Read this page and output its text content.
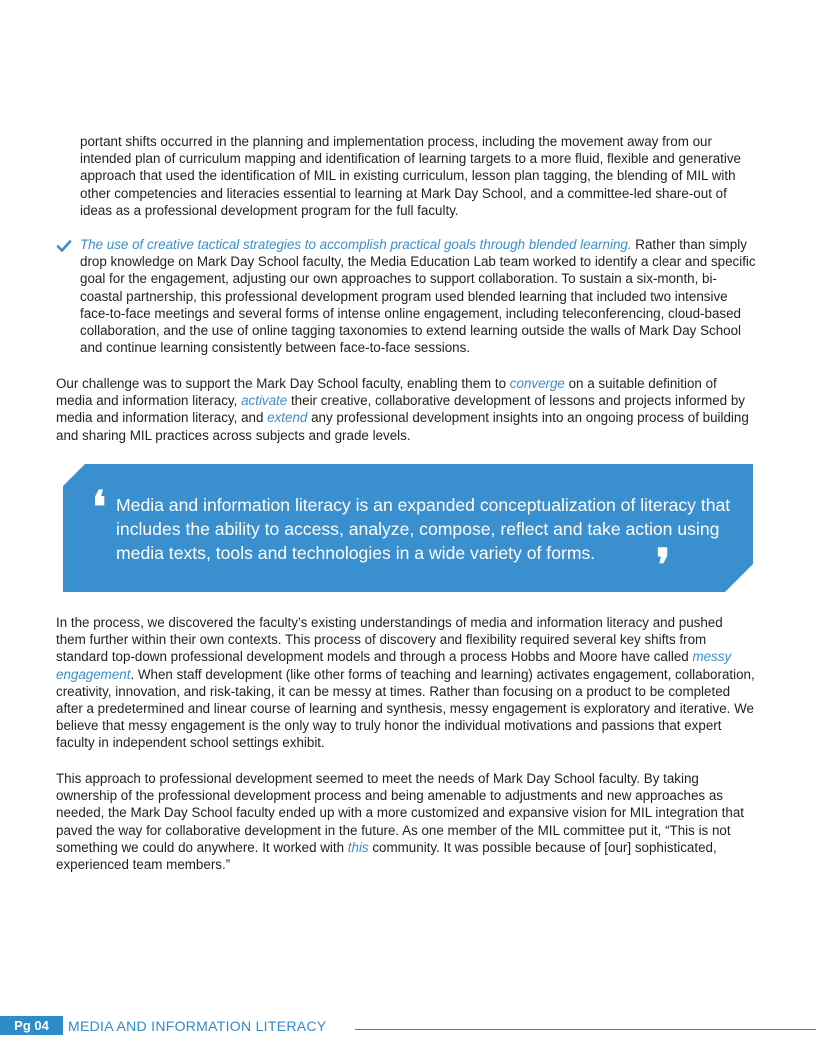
portant shifts occurred in the planning and implementation process, including the movement away from our intended plan of curriculum mapping and identification of learning targets to a more fluid, flexible and generative approach that used the identification of MIL in existing curriculum, lesson plan tagging, the blending of MIL with other competencies and literacies essential to learning at Mark Day School, and a committee-led share-out of ideas as a professional development program for the full faculty.

The use of creative tactical strategies to accomplish practical goals through blended learning. Rather than simply drop knowledge on Mark Day School faculty, the Media Education Lab team worked to identify a clear and specific goal for the engagement, adjusting our own approaches to support collaboration. To sustain a six-month, bi-coastal partnership, this professional development program used blended learning that included two intensive face-to-face meetings and several forms of intense online engagement, including teleconferencing, cloud-based collaboration, and the use of online tagging taxonomies to extend learning outside the walls of Mark Day School and continue learning consistently between face-to-face sessions.

Our challenge was to support the Mark Day School faculty, enabling them to converge on a suitable definition of media and information literacy, activate their creative, collaborative development of lessons and projects informed by media and information literacy, and extend any professional development insights into an ongoing process of building and sharing MIL practices across subjects and grade levels.

❛ Media and information literacy is an expanded conceptualization of literacy that includes the ability to access, analyze, compose, reflect and take action using media texts, tools and technologies in a wide variety of forms.	❜

In the process, we discovered the faculty’s existing understandings of media and information literacy and pushed them further within their own contexts. This process of discovery and flexibility required several key shifts from standard top-down professional development models and through a process Hobbs and Moore have called messy engagement. When staff development (like other forms of teaching and learning) activates engagement, collaboration, creativity, innovation, and risk-taking, it can be messy at times. Rather than focusing on a product to be completed after a predetermined and linear course of learning and synthesis, messy engagement is exploratory and iterative. We believe that messy engagement is the only way to truly honor the individual motivations and passions that expert faculty in independent school settings exhibit.

This approach to professional development seemed to meet the needs of Mark Day School faculty. By taking ownership of the professional development process and being amenable to adjustments and new approaches as needed, the Mark Day School faculty ended up with a more customized and expansive vision for MIL integration that paved the way for collaborative development in the future. As one member of the MIL committee put it, “This is not something we could do anywhere. It worked with this community. It was possible because of [our] sophisticated, experienced team members.”

Pg 04	MEDIA AND INFORMATION LITERACY
